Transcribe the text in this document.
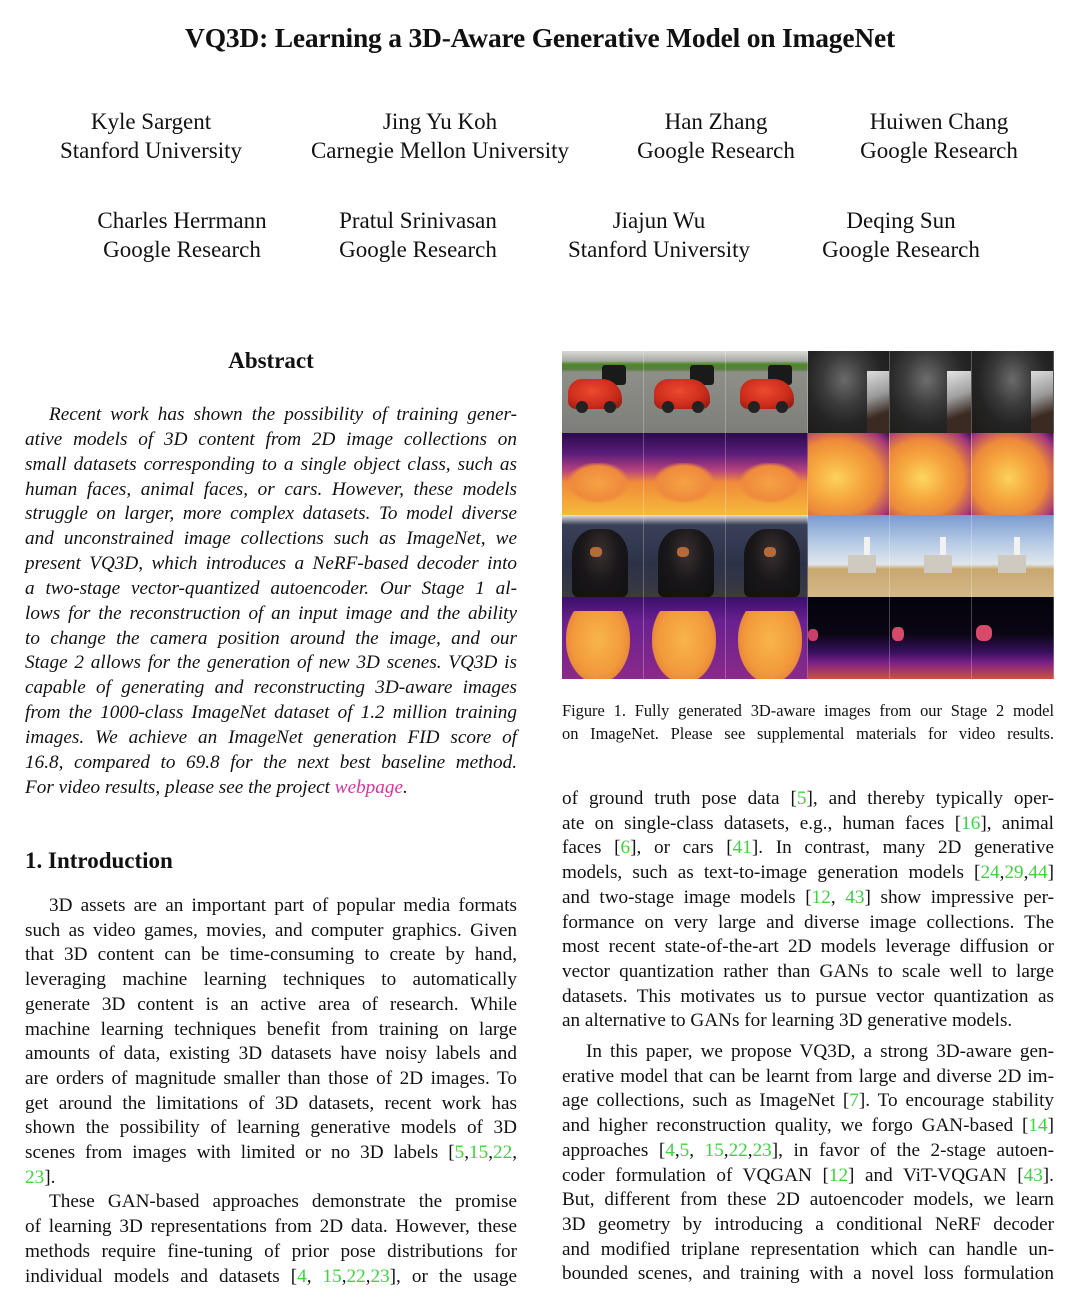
VQ3D: Learning a 3D-Aware Generative Model on ImageNet
Kyle Sargent
Stanford University
Jing Yu Koh
Carnegie Mellon University
Han Zhang
Google Research
Huiwen Chang
Google Research
Charles Herrmann
Google Research
Pratul Srinivasan
Google Research
Jiajun Wu
Stanford University
Deqing Sun
Google Research
Abstract
Recent work has shown the possibility of training gener-
ative models of 3D content from 2D image collections on
small datasets corresponding to a single object class, such as
human faces, animal faces, or cars. However, these models
struggle on larger, more complex datasets. To model diverse
and unconstrained image collections such as ImageNet, we
present VQ3D, which introduces a NeRF-based decoder into
a two-stage vector-quantized autoencoder. Our Stage 1 al-
lows for the reconstruction of an input image and the ability
to change the camera position around the image, and our
Stage 2 allows for the generation of new 3D scenes. VQ3D is
capable of generating and reconstructing 3D-aware images
from the 1000-class ImageNet dataset of 1.2 million training
images. We achieve an ImageNet generation FID score of
16.8, compared to 69.8 for the next best baseline method.
For video results, please see the project webpage.
Figure 1. Fully generated 3D-aware images from our Stage 2 model
on ImageNet. Please see supplemental materials for video results.
1. Introduction
3D assets are an important part of popular media formats
such as video games, movies, and computer graphics. Given
that 3D content can be time-consuming to create by hand,
leveraging machine learning techniques to automatically
generate 3D content is an active area of research. While
machine learning techniques benefit from training on large
amounts of data, existing 3D datasets have noisy labels and
are orders of magnitude smaller than those of 2D images. To
get around the limitations of 3D datasets, recent work has
shown the possibility of learning generative models of 3D
scenes from images with limited or no 3D labels [5,15,22,
23].
These GAN-based approaches demonstrate the promise
of learning 3D representations from 2D data. However, these
methods require fine-tuning of prior pose distributions for
individual models and datasets [4, 15,22,23], or the usage
of ground truth pose data [5], and thereby typically oper-
ate on single-class datasets, e.g., human faces [16], animal
faces [6], or cars [41]. In contrast, many 2D generative
models, such as text-to-image generation models [24,29,44]
and two-stage image models [12, 43] show impressive per-
formance on very large and diverse image collections. The
most recent state-of-the-art 2D models leverage diffusion or
vector quantization rather than GANs to scale well to large
datasets. This motivates us to pursue vector quantization as
an alternative to GANs for learning 3D generative models.
In this paper, we propose VQ3D, a strong 3D-aware gen-
erative model that can be learnt from large and diverse 2D im-
age collections, such as ImageNet [7]. To encourage stability
and higher reconstruction quality, we forgo GAN-based [14]
approaches [4,5, 15,22,23], in favor of the 2-stage autoen-
coder formulation of VQGAN [12] and ViT-VQGAN [43].
But, different from these 2D autoencoder models, we learn
3D geometry by introducing a conditional NeRF decoder
and modified triplane representation which can handle un-
bounded scenes, and training with a novel loss formulation
